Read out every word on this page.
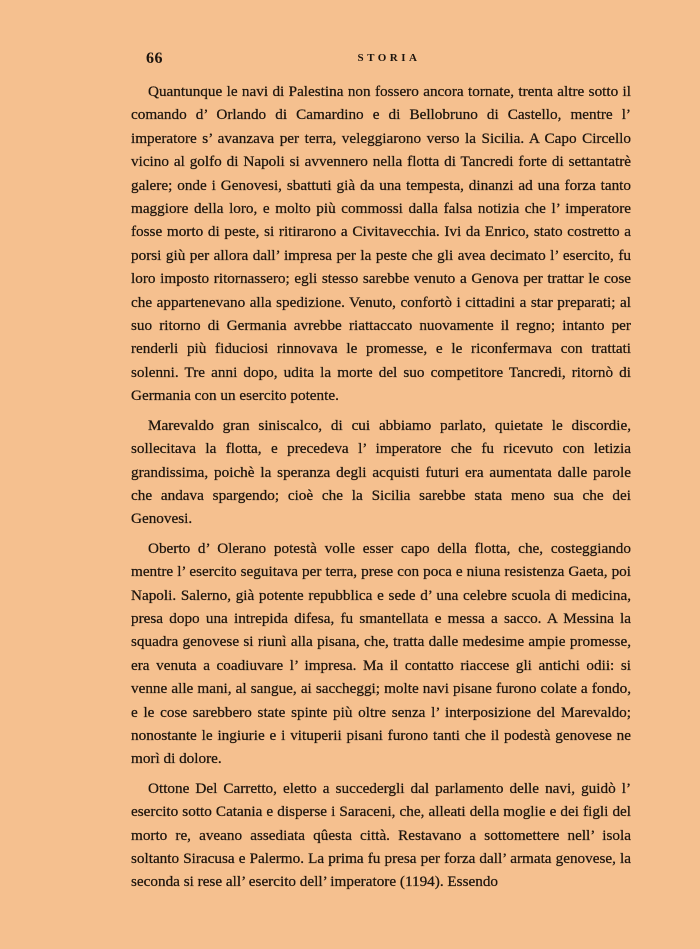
66	STORIA

Quantunque le navi di Palestina non fossero ancora tornate, trenta altre sotto il comando d’ Orlando di Camardino e di Bellobruno di Castello, mentre l’ imperatore s’ avanzava per terra, veleggiarono verso la Sicilia. A Capo Circello vicino al golfo di Napoli si avvennero nella flotta di Tancredi forte di settantatrè galere; onde i Genovesi, sbattuti già da una tempesta, dinanzi ad una forza tanto maggiore della loro, e molto più commossi dalla falsa notizia che l’ imperatore fosse morto di peste, si ritirarono a Civitavecchia. Ivi da Enrico, stato costretto a porsi giù per allora dall’ impresa per la peste che gli avea decimato l’ esercito, fu loro imposto ritornassero; egli stesso sarebbe venuto a Genova per trattar le cose che appartenevano alla spedizione. Venuto, confortò i cittadini a star preparati; al suo ritorno di Germania avrebbe riattaccato nuovamente il regno; intanto per renderli più fiduciosi rinnovava le promesse, e le riconfermava con trattati solenni. Tre anni dopo, udita la morte del suo competitore Tancredi, ritornò di Germania con un esercito potente.

Marevaldo gran siniscalco, di cui abbiamo parlato, quietate le discordie, sollecitava la flotta, e precedeva l’ imperatore che fu ricevuto con letizia grandissima, poichè la speranza degli acquisti futuri era aumentata dalle parole che andava spargendo; cioè che la Sicilia sarebbe stata meno sua che dei Genovesi.

Oberto d’ Olerano potestà volle esser capo della flotta, che, costeggiando mentre l’ esercito seguitava per terra, prese con poca e niuna resistenza Gaeta, poi Napoli. Salerno, già potente repubblica e sede d’ una celebre scuola di medicina, presa dopo una intrepida difesa, fu smantellata e messa a sacco. A Messina la squadra genovese si riunì alla pisana, che, tratta dalle medesime ampie promesse, era venuta a coadiuvare l’ impresa. Ma il contatto riaccese gli antichi odii: si venne alle mani, al sangue, ai saccheggi; molte navi pisane furono colate a fondo, e le cose sarebbero state spinte più oltre senza l’ interposizione del Marevaldo; nonostante le ingiurie e i vituperii pisani furono tanti che il podestà genovese ne morì di dolore.

Ottone Del Carretto, eletto a succedergli dal parlamento delle navi, guidò l’ esercito sotto Catania e disperse i Saraceni, che, alleati della moglie e dei figli del morto re, aveano assediata qûesta città. Restavano a sottomettere nell’ isola soltanto Siracusa e Palermo. La prima fu presa per forza dall’ armata genovese, la seconda si rese all’ esercito dell’ imperatore (1194). Essendo
